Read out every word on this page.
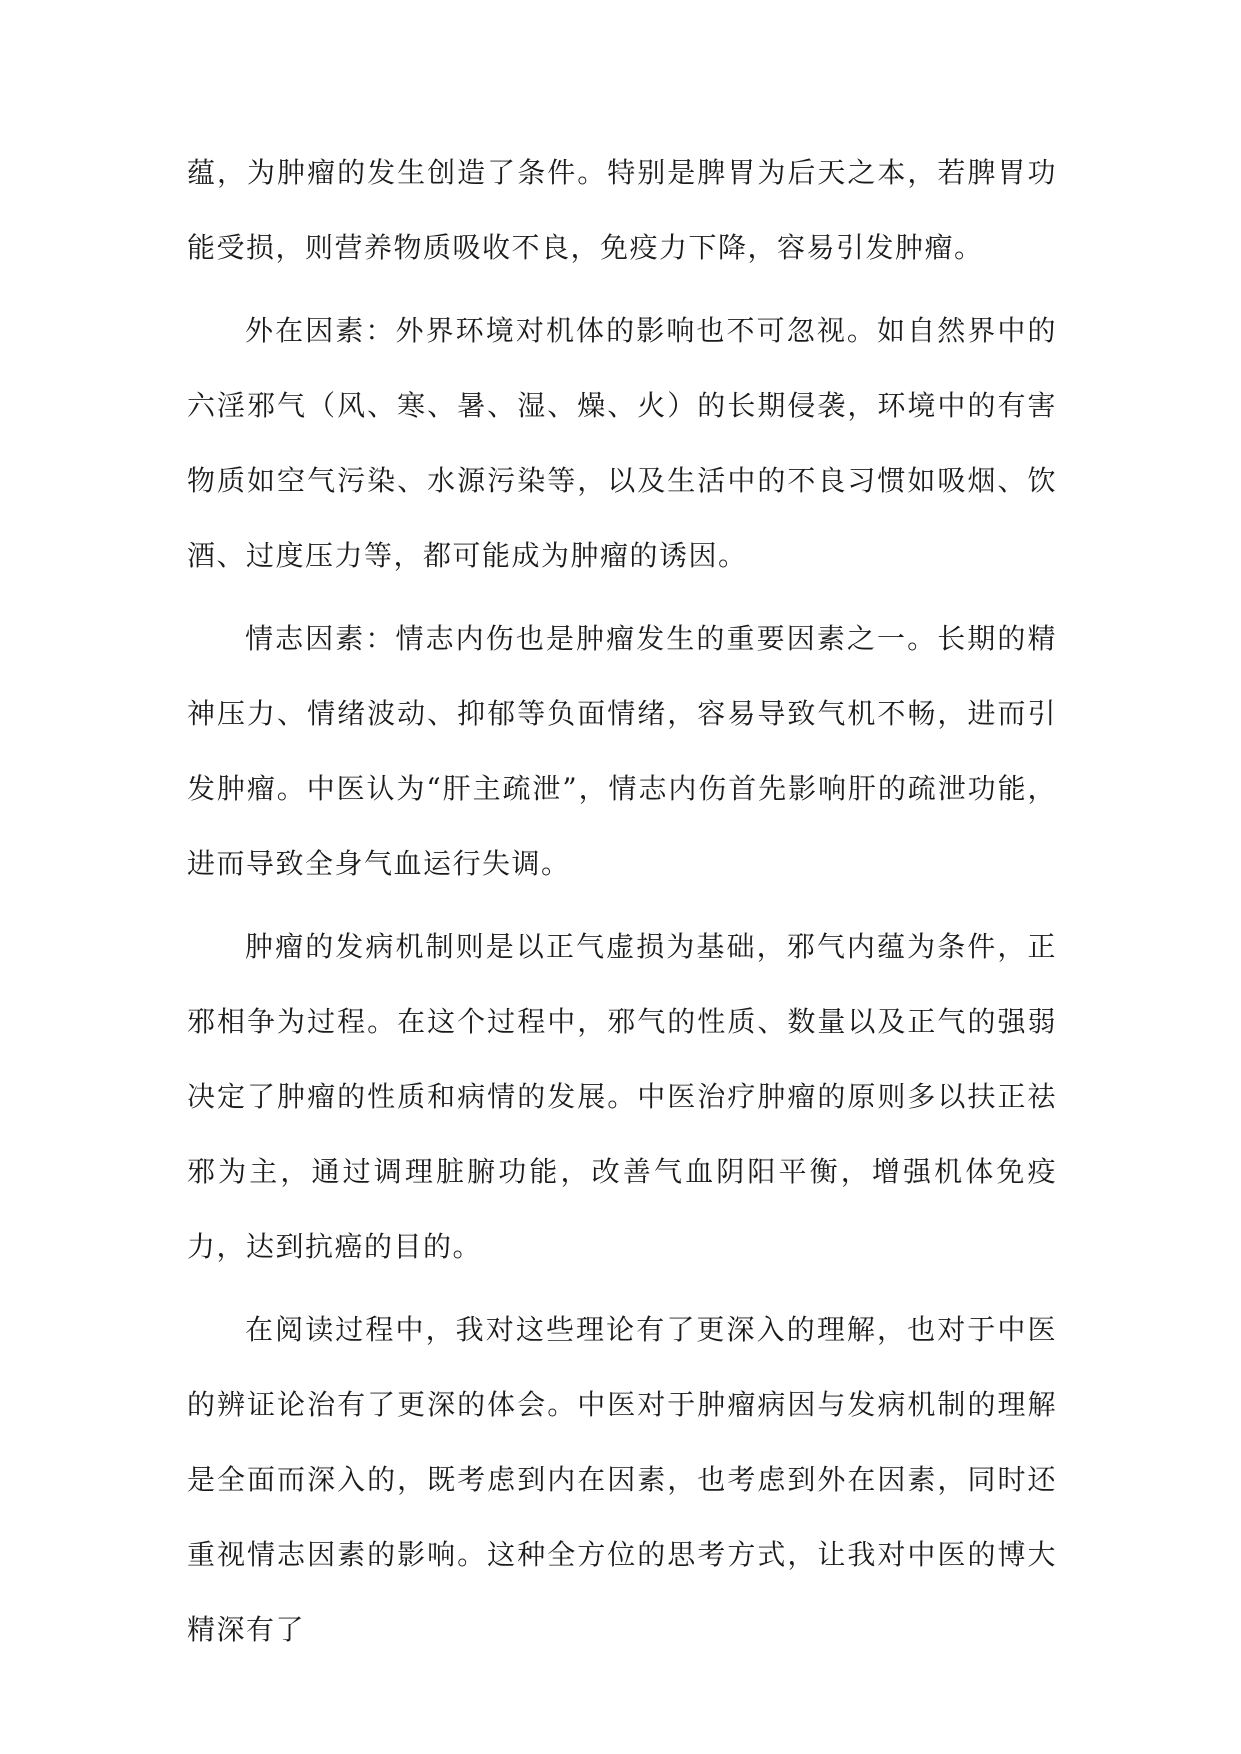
蕴，为肿瘤的发生创造了条件。特别是脾胃为后天之本，若脾胃功能受损，则营养物质吸收不良，免疫力下降，容易引发肿瘤。

外在因素：外界环境对机体的影响也不可忽视。如自然界中的六淫邪气（风、寒、暑、湿、燥、火）的长期侵袭，环境中的有害物质如空气污染、水源污染等，以及生活中的不良习惯如吸烟、饮酒、过度压力等，都可能成为肿瘤的诱因。

情志因素：情志内伤也是肿瘤发生的重要因素之一。长期的精神压力、情绪波动、抑郁等负面情绪，容易导致气机不畅，进而引发肿瘤。中医认为“肝主疏泄”，情志内伤首先影响肝的疏泄功能，进而导致全身气血运行失调。

肿瘤的发病机制则是以正气虚损为基础，邪气内蕴为条件，正邪相争为过程。在这个过程中，邪气的性质、数量以及正气的强弱决定了肿瘤的性质和病情的发展。中医治疗肿瘤的原则多以扶正祛邪为主，通过调理脏腑功能，改善气血阴阳平衡，增强机体免疫力，达到抗癌的目的。

在阅读过程中，我对这些理论有了更深入的理解，也对于中医的辨证论治有了更深的体会。中医对于肿瘤病因与发病机制的理解是全面而深入的，既考虑到内在因素，也考虑到外在因素，同时还重视情志因素的影响。这种全方位的思考方式，让我对中医的博大精深有了
